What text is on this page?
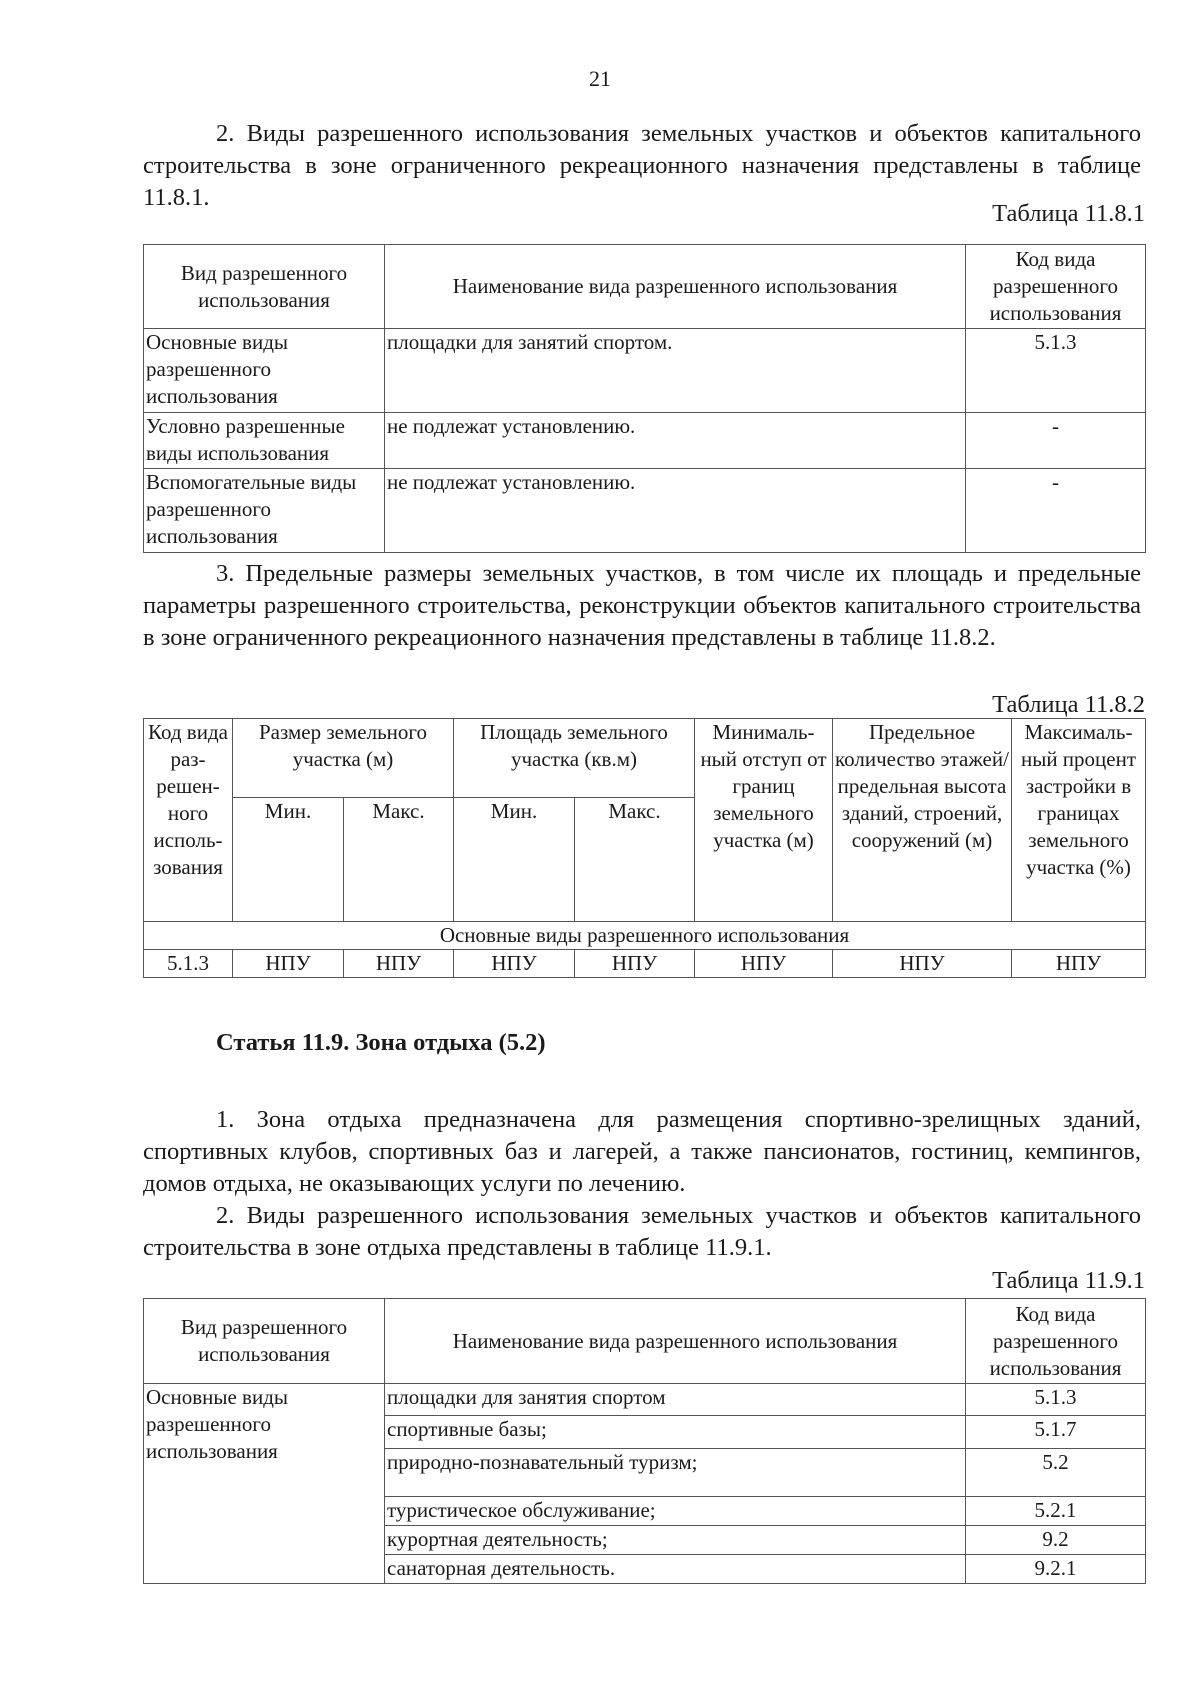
21

2. Виды разрешенного использования земельных участков и объектов капитального строительства в зоне ограниченного рекреационного назначения представлены в таблице 11.8.1.

Таблица 11.8.1
Вид разрешенного использования	Наименование вида разрешенного использования	Код вида разрешенного использования
Основные виды разрешенного использования	площадки для занятий спортом.	5.1.3
Условно разрешенные виды использования	не подлежат установлению.	-
Вспомогательные виды разрешенного использования	не подлежат установлению.	-

3. Предельные размеры земельных участков, в том числе их площадь и предельные параметры разрешенного строительства, реконструкции объектов капитального строительства в зоне ограниченного рекреационного назначения представлены в таблице 11.8.2.

Таблица 11.8.2
Код вида раз-решен-ного исполь-зования	Размер земельного участка (м)		Площадь земельного участка (кв.м)		Минималь-ный отступ от границ земельного участка (м)	Предельное количество этажей/ предельная высота зданий, строений, сооружений (м)	Максималь-ный процент застройки в границах земельного участка (%)
	Мин.	Макс.	Мин.	Макс.			
Основные виды разрешенного использования							
5.1.3	НПУ	НПУ	НПУ	НПУ	НПУ	НПУ	НПУ
Статья 11.9. Зона отдыха (5.2)

1. Зона отдыха предназначена для размещения спортивно-зрелищных зданий, спортивных клубов, спортивных баз и лагерей, а также пансионатов, гостиниц, кемпингов, домов отдыха, не оказывающих услуги по лечению.

2. Виды разрешенного использования земельных участков и объектов капитального строительства в зоне отдыха представлены в таблице 11.9.1.

Таблица 11.9.1
Вид разрешенного использования	Наименование вида разрешенного использования	Код вида разрешенного использования
Основные виды разрешенного использования	площадки для занятия спортом	5.1.3
	спортивные базы;	5.1.7
	природно-познавательный туризм;	5.2
	туристическое обслуживание;	5.2.1
	курортная деятельность;	9.2
	санаторная деятельность.	9.2.1
